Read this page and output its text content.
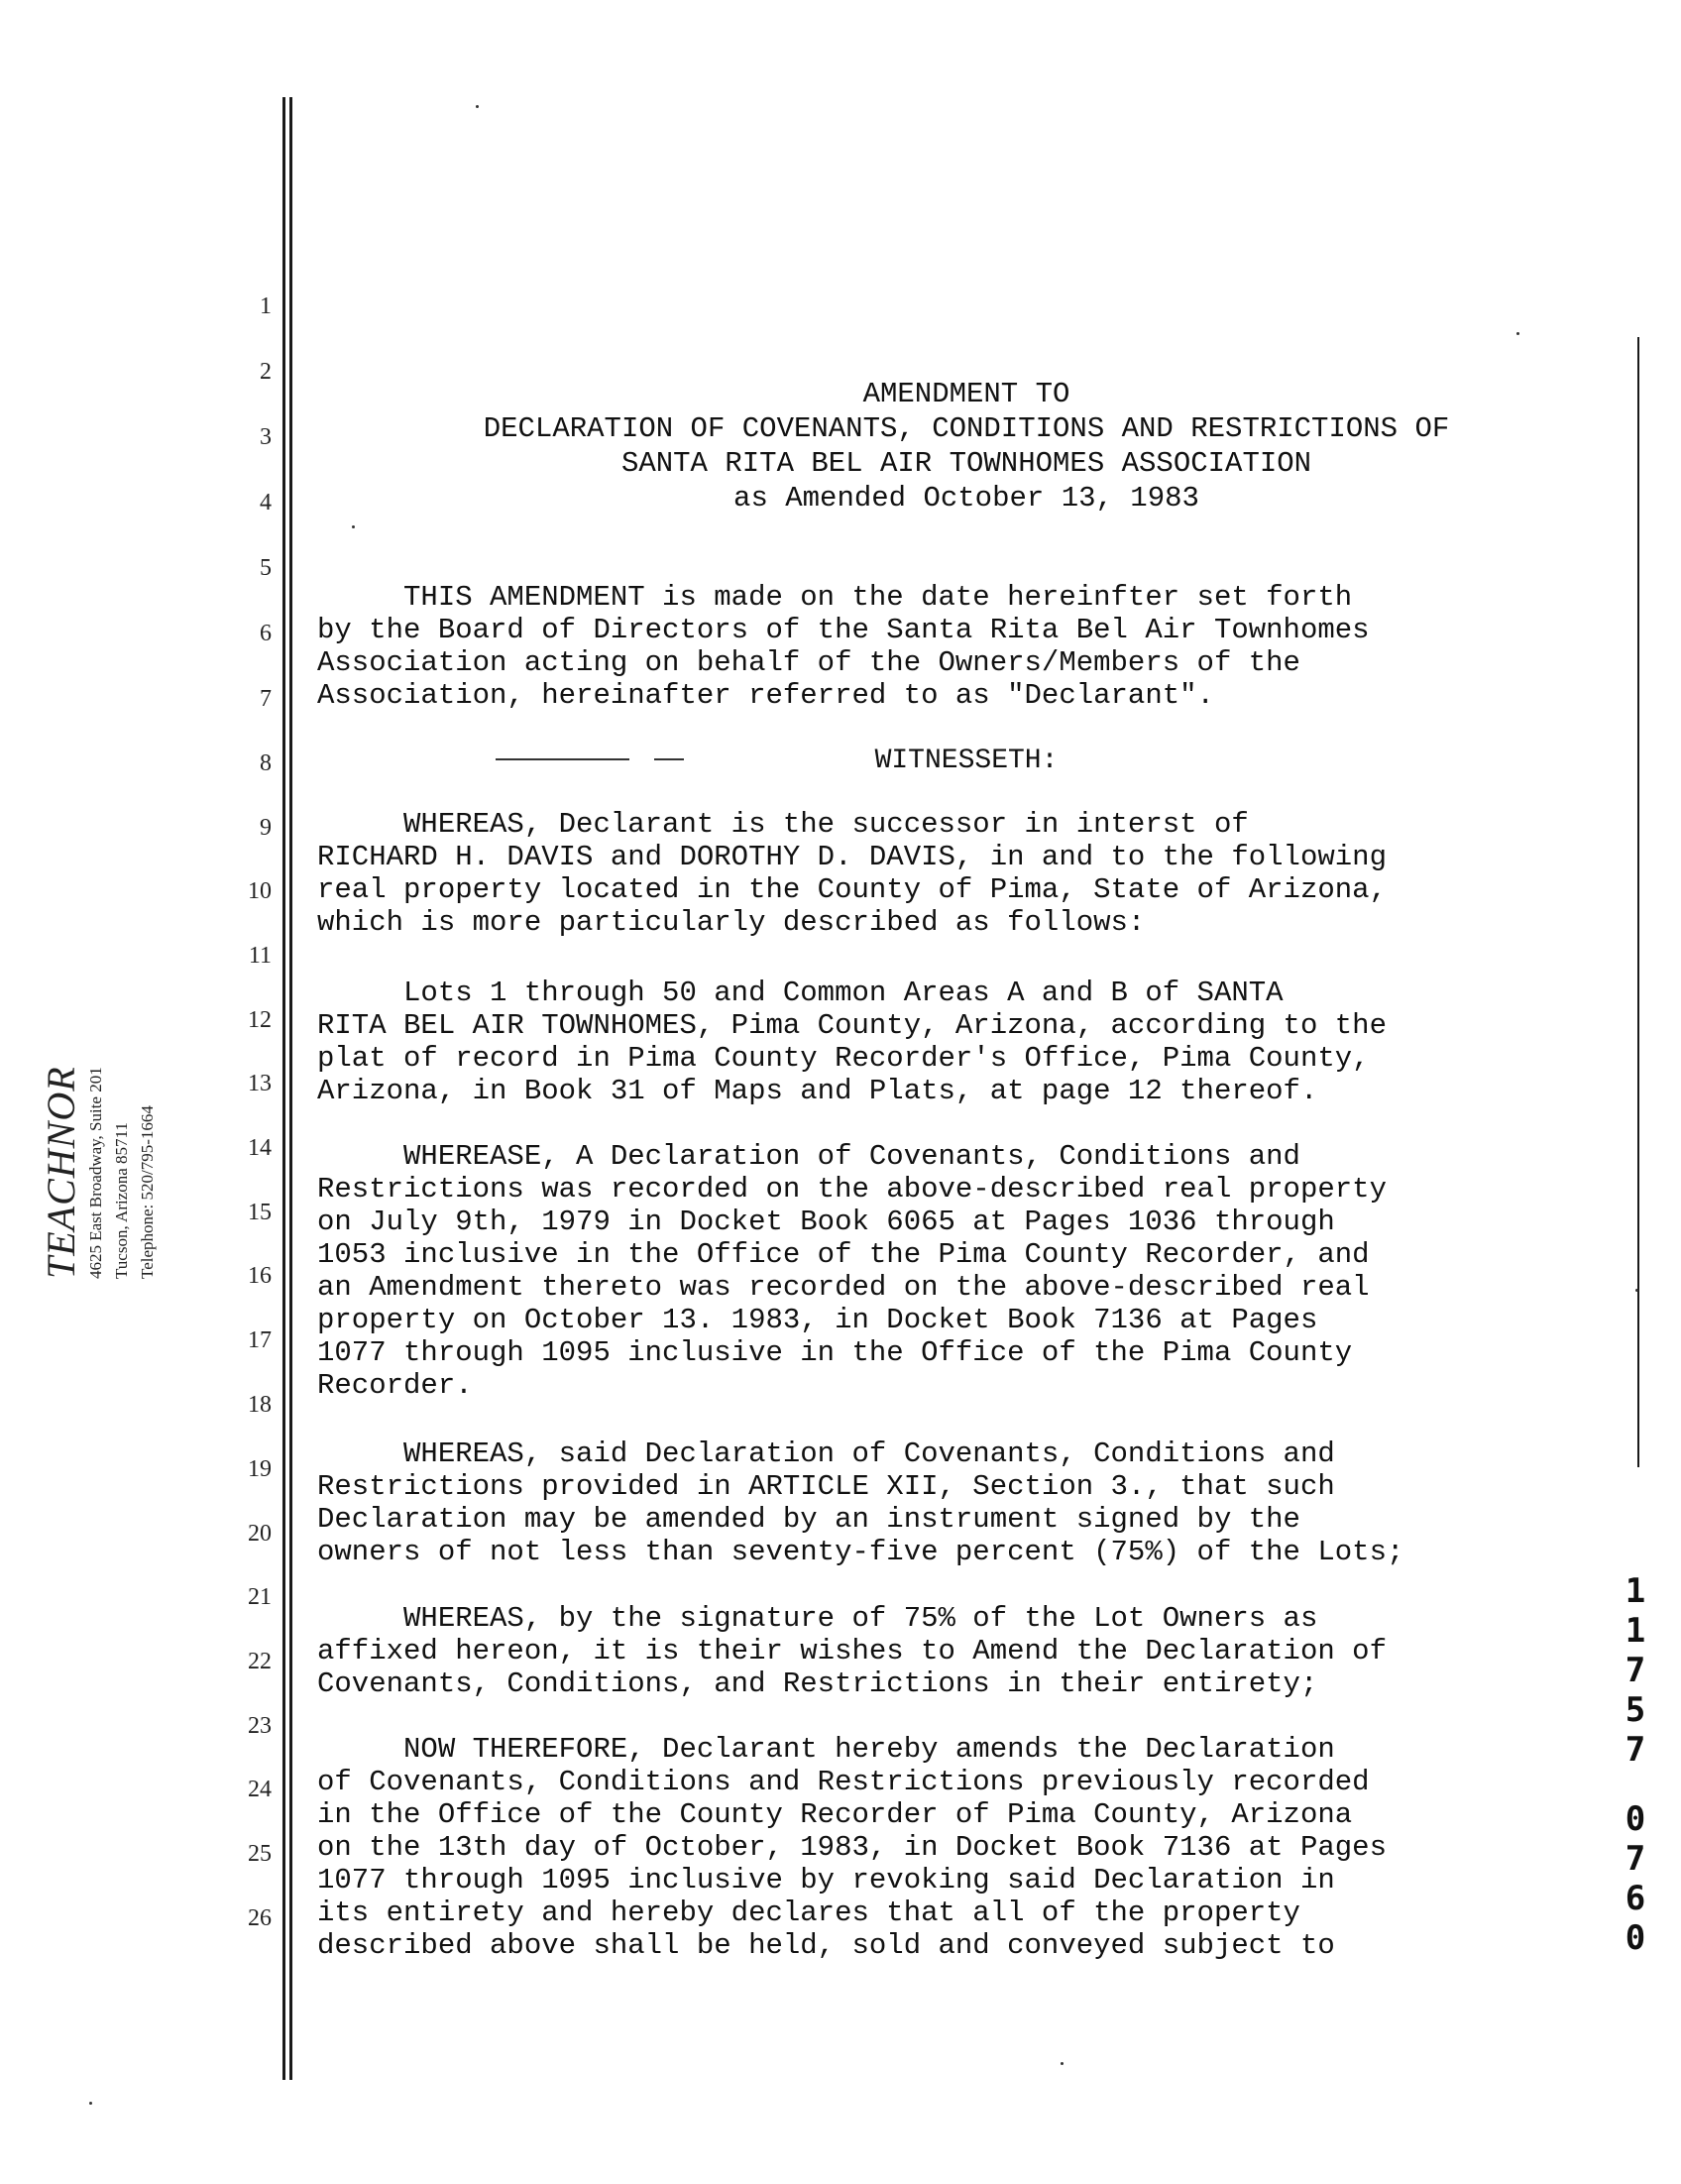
1
2
3
4
5
6
7
8
9
10
11
12
13
14
15
16
17
18
19
20
21
22
23
24
25
26
TEACHNOR 4625 East Broadway, Suite 201 Tucson, Arizona 85711 Telephone: 520/795-1664
AMENDMENT TO
DECLARATION OF COVENANTS, CONDITIONS AND RESTRICTIONS OF
SANTA RITA BEL AIR TOWNHOMES ASSOCIATION
as Amended October 13, 1983
THIS AMENDMENT is made on the date hereinfter set forth
by the Board of Directors of the Santa Rita Bel Air Townhomes
Association acting on behalf of the Owners/Members of the
Association, hereinafter referred to as "Declarant".
WITNESSETH:
WHEREAS, Declarant is the successor in interst of
RICHARD H. DAVIS and DOROTHY D. DAVIS, in and to the following
real property located in the County of Pima, State of Arizona,
which is more particularly described as follows:
Lots 1 through 50 and Common Areas A and B of SANTA
RITA BEL AIR TOWNHOMES, Pima County, Arizona, according to the
plat of record in Pima County Recorder's Office, Pima County,
Arizona, in Book 31 of Maps and Plats, at page 12 thereof.
WHEREASE, A Declaration of Covenants, Conditions and
Restrictions was recorded on the above-described real property
on July 9th, 1979 in Docket Book 6065 at Pages 1036 through
1053 inclusive in the Office of the Pima County Recorder, and
an Amendment thereto was recorded on the above-described real
property on October 13. 1983, in Docket Book 7136 at Pages
1077 through 1095 inclusive in the Office of the Pima County
Recorder.
WHEREAS, said Declaration of Covenants, Conditions and
Restrictions provided in ARTICLE XII, Section 3., that such
Declaration may be amended by an instrument signed by the
owners of not less than seventy-five percent (75%) of the Lots;
WHEREAS, by the signature of 75% of the Lot Owners as
affixed hereon, it is their wishes to Amend the Declaration of
Covenants, Conditions, and Restrictions in their entirety;
NOW THEREFORE, Declarant hereby amends the Declaration
of Covenants, Conditions and Restrictions previously recorded
in the Office of the County Recorder of Pima County, Arizona
on the 13th day of October, 1983, in Docket Book 7136 at Pages
1077 through 1095 inclusive by revoking said Declaration in
its entirety and hereby declares that all of the property
described above shall be held, sold and conveyed subject to
1
1
7
5
7
0
7
6
0
